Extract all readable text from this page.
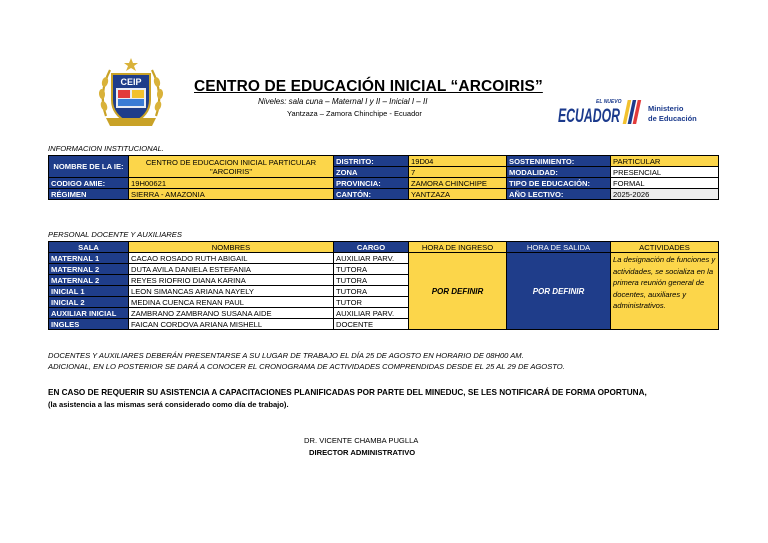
CEIP	CENTRO DE EDUCACIÓN INICIAL “ARCOIRIS”
Niveles: sala cuna – Maternal I y II – Inicial I – II
Yantzaza – Zamora Chinchipe - Ecuador
EL NUEVO
ECUADOR	Ministerio
de Educación
INFORMACION INSTITUCIONAL.
NOMBRE DE LA IE:	CENTRO DE EDUCACION INICIAL PARTICULAR "ARCOIRIS"	DISTRITO:	19D04	SOSTENIMIENTO:	PARTICULAR
		ZONA	7	MODALIDAD:	PRESENCIAL
CODIGO AMIE:	19H00621	PROVINCIA:	ZAMORA CHINCHIPE	TIPO DE EDUCACIÓN:	FORMAL
RÉGIMEN	SIERRA - AMAZONIA	CANTÓN:	YANTZAZA	AÑO LECTIVO:	2025-2026
PERSONAL DOCENTE Y AUXILIARES
SALA	NOMBRES	CARGO	HORA DE INGRESO	HORA DE SALIDA	ACTIVIDADES
MATERNAL 1	CACAO ROSADO RUTH ABIGAIL	AUXILIAR PARV.	POR DEFINIR	POR DEFINIR	La designación de funciones y actividades, se socializa en la primera reunión general de docentes, auxiliares y administrativos.
MATERNAL 2	DUTA AVILA DANIELA ESTEFANIA	TUTORA			
MATERNAL 2	REYES RIOFRIO DIANA KARINA	TUTORA			
INICIAL 1	LEON SIMANCAS ARIANA NAYELY	TUTORA			
INICIAL 2	MEDINA CUENCA RENAN PAUL	TUTOR			
AUXILIAR INICIAL	ZAMBRANO ZAMBRANO SUSANA AIDE	AUXILIAR PARV.			
INGLES	FAICAN CORDOVA ARIANA MISHELL	DOCENTE			
DOCENTES Y AUXILIARES DEBERÁN PRESENTARSE A SU LUGAR DE TRABAJO EL DÍA 25 DE AGOSTO EN HORARIO DE 08H00 AM.
ADICIONAL, EN LO POSTERIOR SE DARÁ A CONOCER EL CRONOGRAMA DE ACTIVIDADES COMPRENDIDAS DESDE EL 25 AL 29 DE AGOSTO.
EN CASO DE REQUERIR SU ASISTENCIA A CAPACITACIONES PLANIFICADAS POR PARTE DEL MINEDUC, SE LES NOTIFICARÁ DE FORMA OPORTUNA,
(la asistencia a las mismas será considerado como día de trabajo).
DR. VICENTE CHAMBA PUGLLA
DIRECTOR ADMINISTRATIVO
